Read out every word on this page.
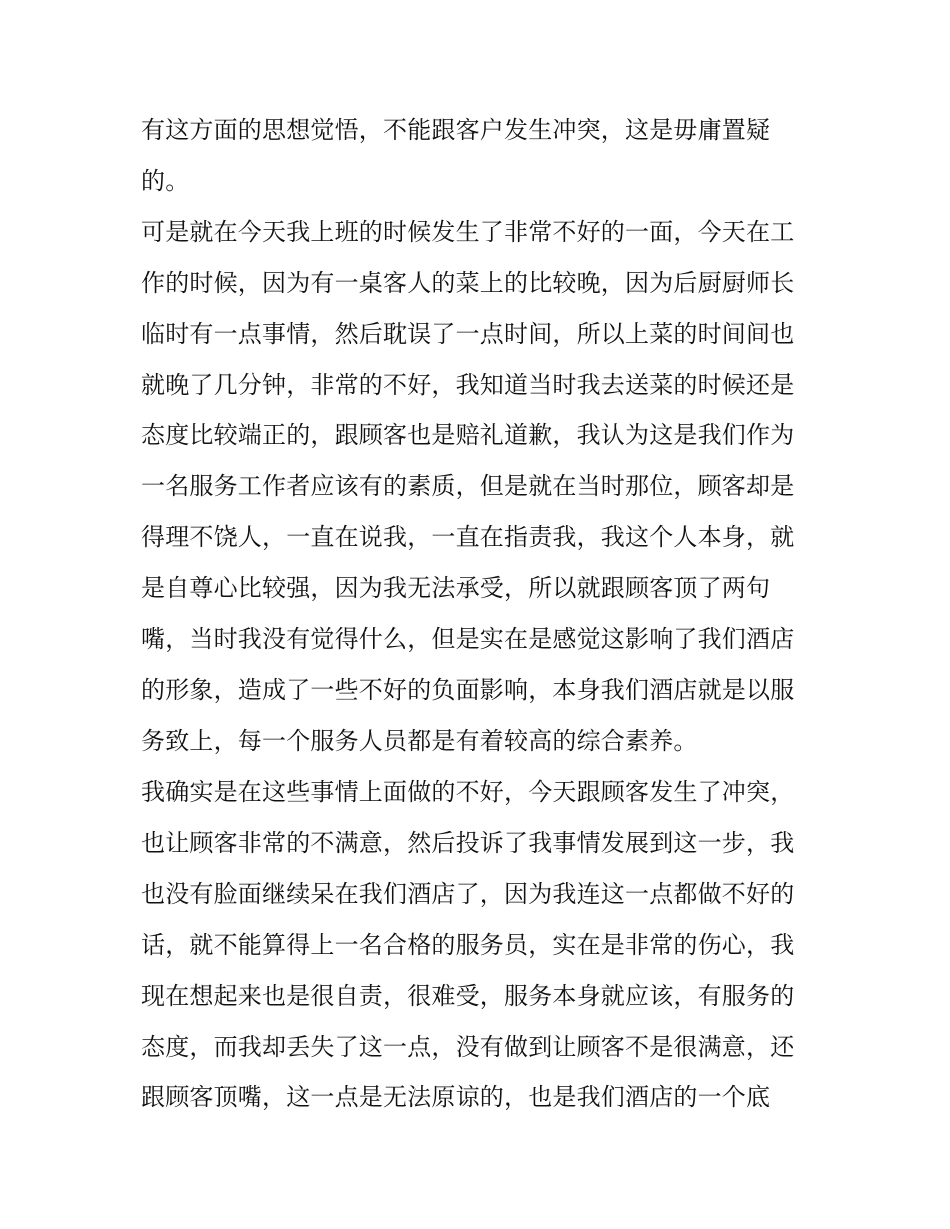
有这方面的思想觉悟，不能跟客户发生冲突，这是毋庸置疑
的。
可是就在今天我上班的时候发生了非常不好的一面，今天在工
作的时候，因为有一桌客人的菜上的比较晚，因为后厨厨师长
临时有一点事情，然后耽误了一点时间，所以上菜的时间间也
就晚了几分钟，非常的不好，我知道当时我去送菜的时候还是
态度比较端正的，跟顾客也是赔礼道歉，我认为这是我们作为
一名服务工作者应该有的素质，但是就在当时那位，顾客却是
得理不饶人，一直在说我，一直在指责我，我这个人本身，就
是自尊心比较强，因为我无法承受，所以就跟顾客顶了两句
嘴，当时我没有觉得什么，但是实在是感觉这影响了我们酒店
的形象，造成了一些不好的负面影响，本身我们酒店就是以服
务致上，每一个服务人员都是有着较高的综合素养。
我确实是在这些事情上面做的不好，今天跟顾客发生了冲突，
也让顾客非常的不满意，然后投诉了我事情发展到这一步，我
也没有脸面继续呆在我们酒店了，因为我连这一点都做不好的
话，就不能算得上一名合格的服务员，实在是非常的伤心，我
现在想起来也是很自责，很难受，服务本身就应该，有服务的
态度，而我却丢失了这一点，没有做到让顾客不是很满意，还
跟顾客顶嘴，这一点是无法原谅的，也是我们酒店的一个底
